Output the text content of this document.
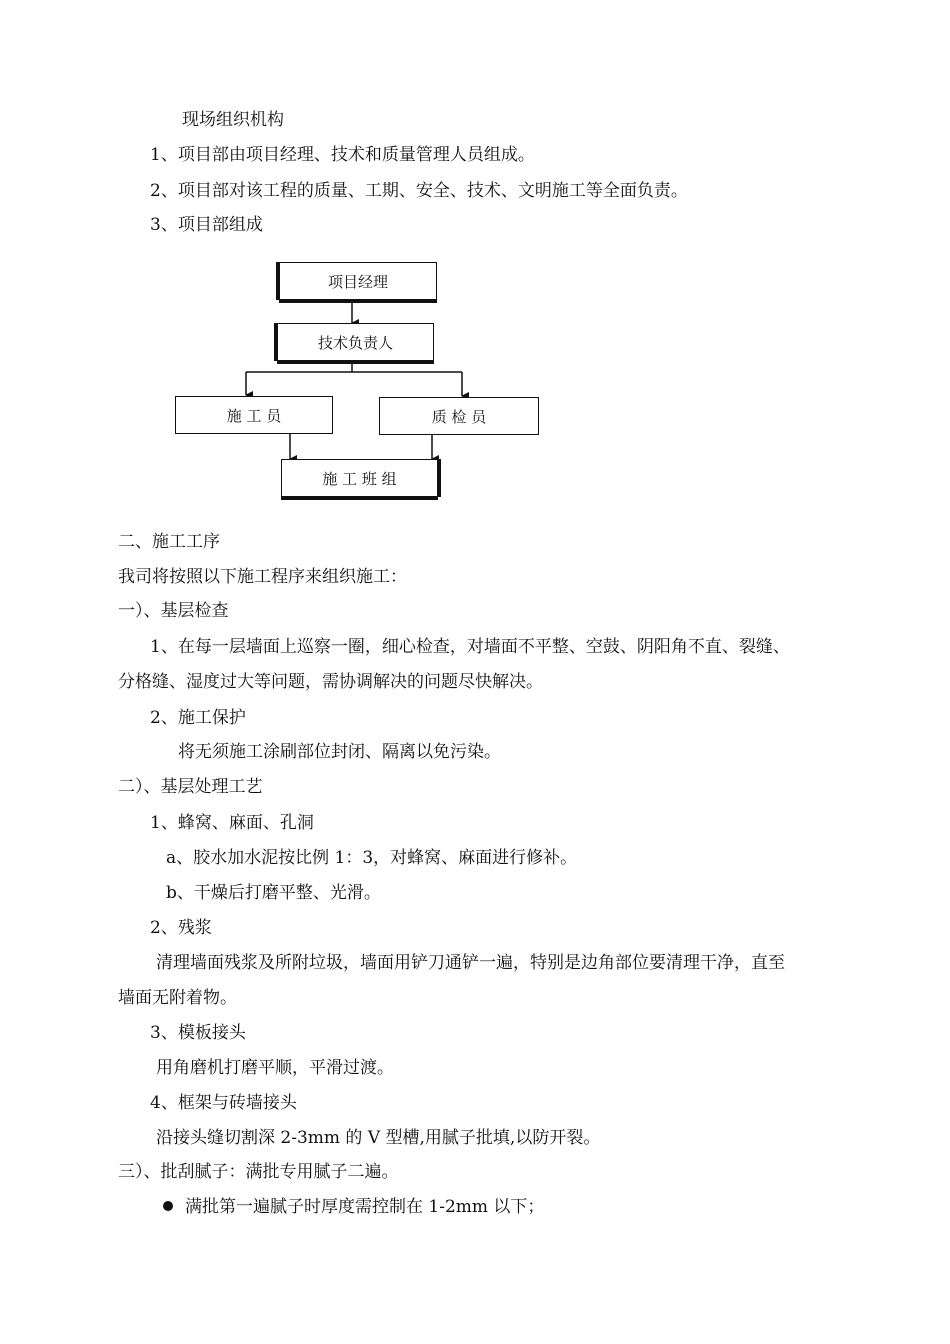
现场组织机构
1、项目部由项目经理、技术和质量管理人员组成。
2、项目部对该工程的质量、工期、安全、技术、文明施工等全面负责。
3、项目部组成
项目经理
技术负责人
施 工 员	质 检 员
施 工 班 组
二、施工工序
我司将按照以下施工程序来组织施工：
一）、基层检查
1、在每一层墙面上巡察一圈，细心检查，对墙面不平整、空鼓、阴阳角不直、裂缝、
分格缝、湿度过大等问题，需协调解决的问题尽快解决。
2、施工保护
将无须施工涂刷部位封闭、隔离以免污染。
二）、基层处理工艺
1、蜂窝、麻面、孔洞
a、胶水加水泥按比例 1：3，对蜂窝、麻面进行修补。
b、干燥后打磨平整、光滑。
2、残浆
清理墙面残浆及所附垃圾，墙面用铲刀通铲一遍，特别是边角部位要清理干净，直至
墙面无附着物。
3、模板接头
用角磨机打磨平顺，平滑过渡。
4、框架与砖墙接头
沿接头缝切割深 2-3mm 的 V 型槽,用腻子批填,以防开裂。
三）、批刮腻子：满批专用腻子二遍。
满批第一遍腻子时厚度需控制在 1-2mm 以下；
